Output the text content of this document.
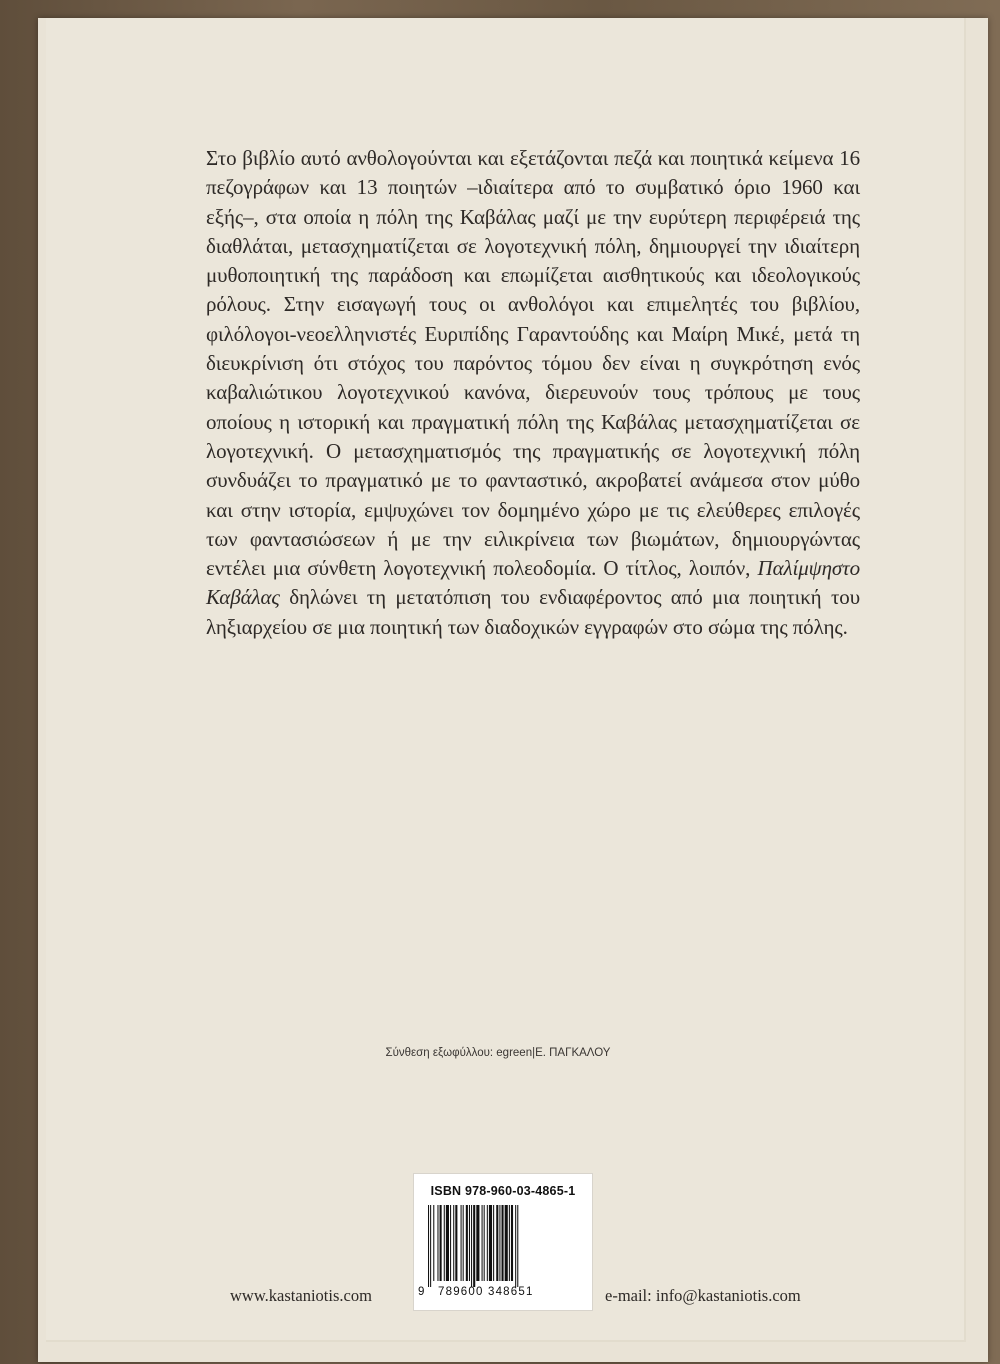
Στο βιβλίο αυτό ανθολογούνται και εξετάζονται πεζά και ποιητικά κείμενα 16 πεζογράφων και 13 ποιητών –ιδιαίτερα από το συμβατικό όριο 1960 και εξής–, στα οποία η πόλη της Καβάλας μαζί με την ευρύτερη περιφέρειά της διαθλάται, μετασχηματίζεται σε λογοτεχνική πόλη, δημιουργεί την ιδιαίτερη μυθοποιητική της παράδοση και επωμίζεται αισθητικούς και ιδεολογικούς ρόλους. Στην εισαγωγή τους οι ανθολόγοι και επιμελητές του βιβλίου, φιλόλογοι-νεοελληνιστές Ευριπίδης Γαραντούδης και Μαίρη Μικέ, μετά τη διευκρίνιση ότι στόχος του παρόντος τόμου δεν είναι η συγκρότηση ενός καβαλιώτικου λογοτεχνικού κανόνα, διερευνούν τους τρόπους με τους οποίους η ιστορική και πραγματική πόλη της Καβάλας μετασχηματίζεται σε λογοτεχνική. Ο μετασχηματισμός της πραγματικής σε λογοτεχνική πόλη συνδυάζει το πραγματικό με το φανταστικό, ακροβατεί ανάμεσα στον μύθο και στην ιστορία, εμψυχώνει τον δομημένο χώρο με τις ελεύθερες επιλογές των φαντασιώσεων ή με την ειλικρίνεια των βιωμάτων, δημιουργώντας εντέλει μια σύνθετη λογοτεχνική πολεοδομία. Ο τίτλος, λοιπόν, Παλίμψηστο Καβάλας δηλώνει τη μετατόπιση του ενδιαφέροντος από μια ποιητική του ληξιαρχείου σε μια ποιητική των διαδοχικών εγγραφών στο σώμα της πόλης.

Σύνθεση εξωφύλλου: egreen|Ε. ΠΑΓΚΑΛΟΥ
ISBN 978-960-03-4865-1
9 789600 348651
www.kastaniotis.com	e-mail: info@kastaniotis.com
